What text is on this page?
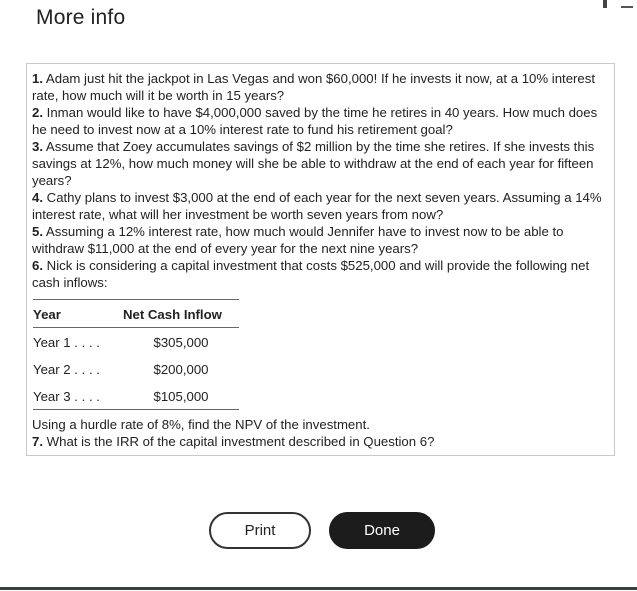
More info

1. Adam just hit the jackpot in Las Vegas and won $60,000! If he invests it now, at a 10% interest rate, how much will it be worth in 15 years?

2. Inman would like to have $4,000,000 saved by the time he retires in 40 years. How much does he need to invest now at a 10% interest rate to fund his retirement goal?

3. Assume that Zoey accumulates savings of $2 million by the time she retires. If she invests this savings at 12%, how much money will she be able to withdraw at the end of each year for fifteen years?

4. Cathy plans to invest $3,000 at the end of each year for the next seven years. Assuming a 14% interest rate, what will her investment be worth seven years from now?

5. Assuming a 12% interest rate, how much would Jennifer have to invest now to be able to withdraw $11,000 at the end of every year for the next nine years?

6. Nick is considering a capital investment that costs $525,000 and will provide the following net cash inflows:

Year	Net Cash Inflow
Year 1 . . . .	$305,000
Year 2 . . . .	$200,000
Year 3 . . . .	$105,000

Using a hurdle rate of 8%, find the NPV of the investment.

7. What is the IRR of the capital investment described in Question 6?

Print	Done
